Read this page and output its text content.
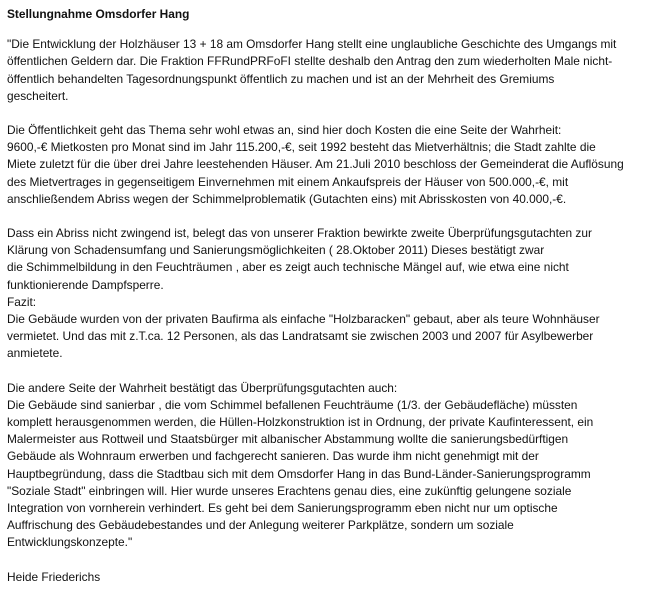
Stellungnahme Omsdorfer Hang
"Die Entwicklung der Holzhäuser 13 + 18 am Omsdorfer Hang stellt eine unglaubliche Geschichte des Umgangs mit
öffentlichen Geldern dar. Die Fraktion FFRundPRFoFI stellte deshalb den Antrag den zum wiederholten Male nicht-
öffentlich behandelten Tagesordnungspunkt öffentlich zu machen und ist an der Mehrheit des Gremiums
gescheitert.
Die Öffentlichkeit geht das Thema sehr wohl etwas an, sind hier doch Kosten die eine Seite der Wahrheit:
9600,-€ Mietkosten pro Monat sind im Jahr 115.200,-€, seit 1992 besteht das Mietverhältnis; die Stadt zahlte die
Miete zuletzt für die über drei Jahre leestehenden Häuser. Am 21.Juli 2010 beschloss der Gemeinderat die Auflösung
des Mietvertrages in gegenseitigem Einvernehmen mit einem Ankaufspreis der Häuser von 500.000,-€, mit
anschließendem Abriss wegen der Schimmelproblematik (Gutachten eins) mit Abrisskosten von 40.000,-€.
Dass ein Abriss nicht zwingend ist, belegt das von unserer Fraktion bewirkte zweite Überprüfungsgutachten zur
Klärung von Schadensumfang und Sanierungsmöglichkeiten ( 28.Oktober 2011) Dieses bestätigt zwar
die Schimmelbildung in den Feuchträumen , aber es zeigt auch technische Mängel auf, wie etwa eine nicht
funktionierende Dampfsperre.
Fazit:
Die Gebäude wurden von der privaten Baufirma als einfache "Holzbaracken" gebaut, aber als teure Wohnhäuser
vermietet. Und das mit z.T.ca. 12 Personen, als das Landratsamt sie zwischen 2003 und 2007 für Asylbewerber
anmietete.
Die andere Seite der Wahrheit bestätigt das Überprüfungsgutachten auch:
Die Gebäude sind sanierbar , die vom Schimmel befallenen Feuchträume (1/3. der Gebäudefläche) müssten
komplett herausgenommen werden, die Hüllen-Holzkonstruktion ist in Ordnung, der private Kaufinteressent, ein
Malermeister aus Rottweil und Staatsbürger mit albanischer Abstammung wollte die sanierungsbedürftigen
Gebäude als Wohnraum erwerben und fachgerecht sanieren. Das wurde ihm nicht genehmigt mit der
Hauptbegründung, dass die Stadtbau sich mit dem Omsdorfer Hang in das Bund-Länder-Sanierungsprogramm
"Soziale Stadt" einbringen will. Hier wurde unseres Erachtens genau dies, eine zukünftig gelungene soziale
Integration von vornherein verhindert. Es geht bei dem Sanierungsprogramm eben nicht nur um optische
Auffrischung des Gebäudebestandes und der Anlegung weiterer Parkplätze, sondern um soziale
Entwicklungskonzepte."
Heide Friederichs
